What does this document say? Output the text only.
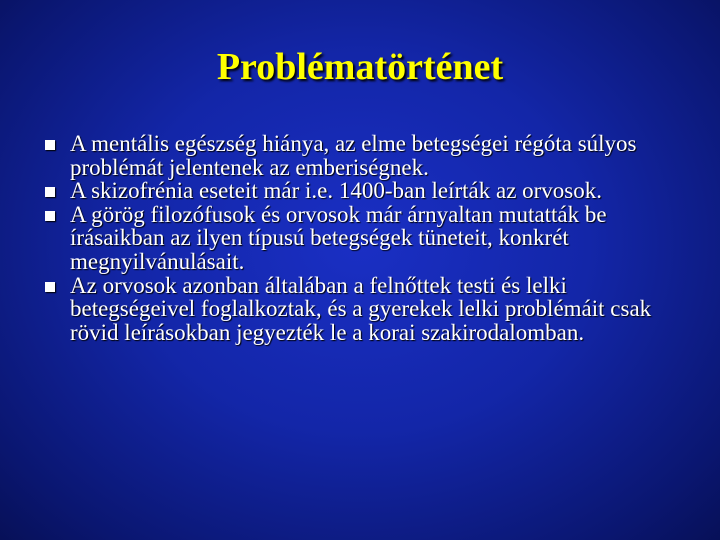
Problématörténet
A mentális egészség hiánya, az elme betegségei régóta súlyos problémát jelentenek az emberiségnek.
A skizofrénia eseteit már i.e. 1400-ban leírták az orvosok.
A görög filozófusok és orvosok már árnyaltan mutatták be írásaikban az ilyen típusú betegségek tüneteit, konkrét megnyilvánulásait.
Az orvosok azonban általában a felnőttek testi és lelki betegségeivel foglalkoztak, és a gyerekek lelki problémáit csak rövid leírásokban jegyezték le a korai szakirodalomban.
